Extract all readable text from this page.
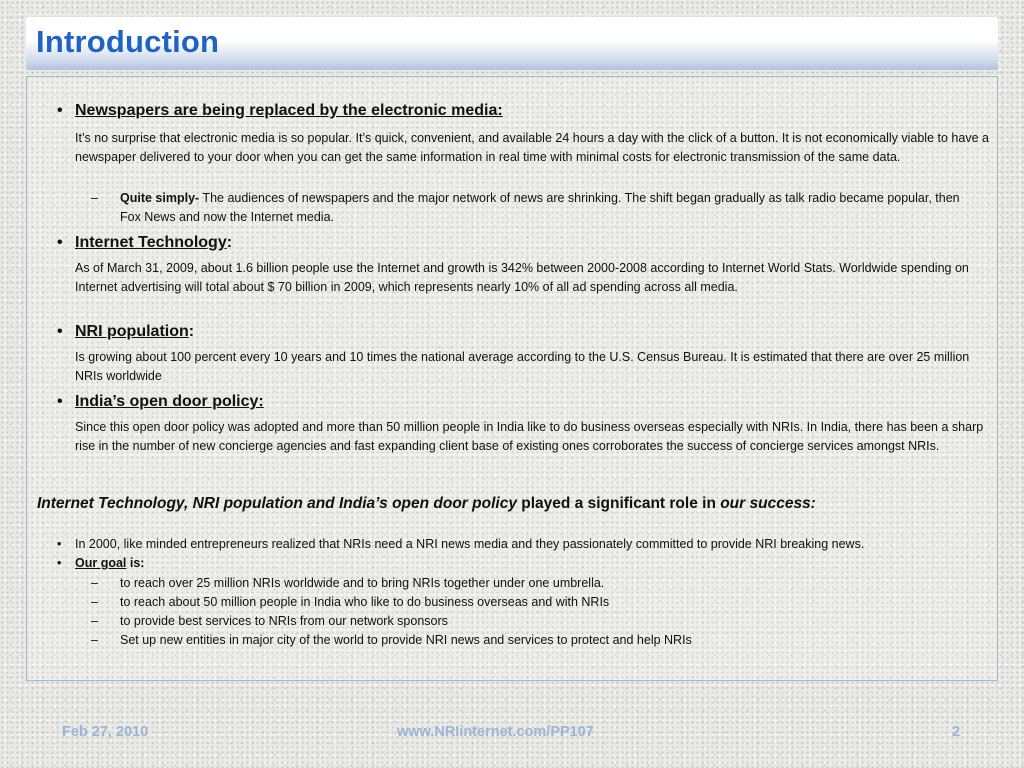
Introduction
• Newspapers are being replaced by the electronic media:
It’s no surprise that electronic media is so popular. It’s quick, convenient, and available 24 hours a day with the click of a button. It is not economically viable to have a newspaper delivered to your door when you can get the same information in real time with minimal costs for electronic transmission of the same data.
– Quite simply- The audiences of newspapers and the major network of news are shrinking. The shift began gradually as talk radio became popular, then Fox News and now the Internet media.
• Internet Technology:
As of March 31, 2009, about 1.6 billion people use the Internet and growth is 342% between 2000-2008 according to Internet World Stats. Worldwide spending on Internet advertising will total about $ 70 billion in 2009, which represents nearly 10% of all ad spending across all media.
• NRI population:
Is growing about 100 percent every 10 years and 10 times the national average according to the U.S. Census Bureau. It is estimated that there are over 25 million NRIs worldwide
• India’s open door policy:
Since this open door policy was adopted and more than 50 million people in India like to do business overseas especially with NRIs. In India, there has been a sharp rise in the number of new concierge agencies and fast expanding client base of existing ones corroborates the success of concierge services amongst NRIs.
Internet Technology, NRI population and India’s open door policy played a significant role in our success:
• In 2000, like minded entrepreneurs realized that NRIs need a NRI news media and they passionately committed to provide NRI breaking news.
• Our goal is:
– to reach over 25 million NRIs worldwide and to bring NRIs together under one umbrella.
– to reach about 50 million people in India who like to do business overseas and with NRIs
– to provide best services to NRIs from our network sponsors
– Set up new entities in major city of the world to provide NRI news and services to protect and help NRIs
Feb 27, 2010	www.NRIinternet.com/PP107	2
